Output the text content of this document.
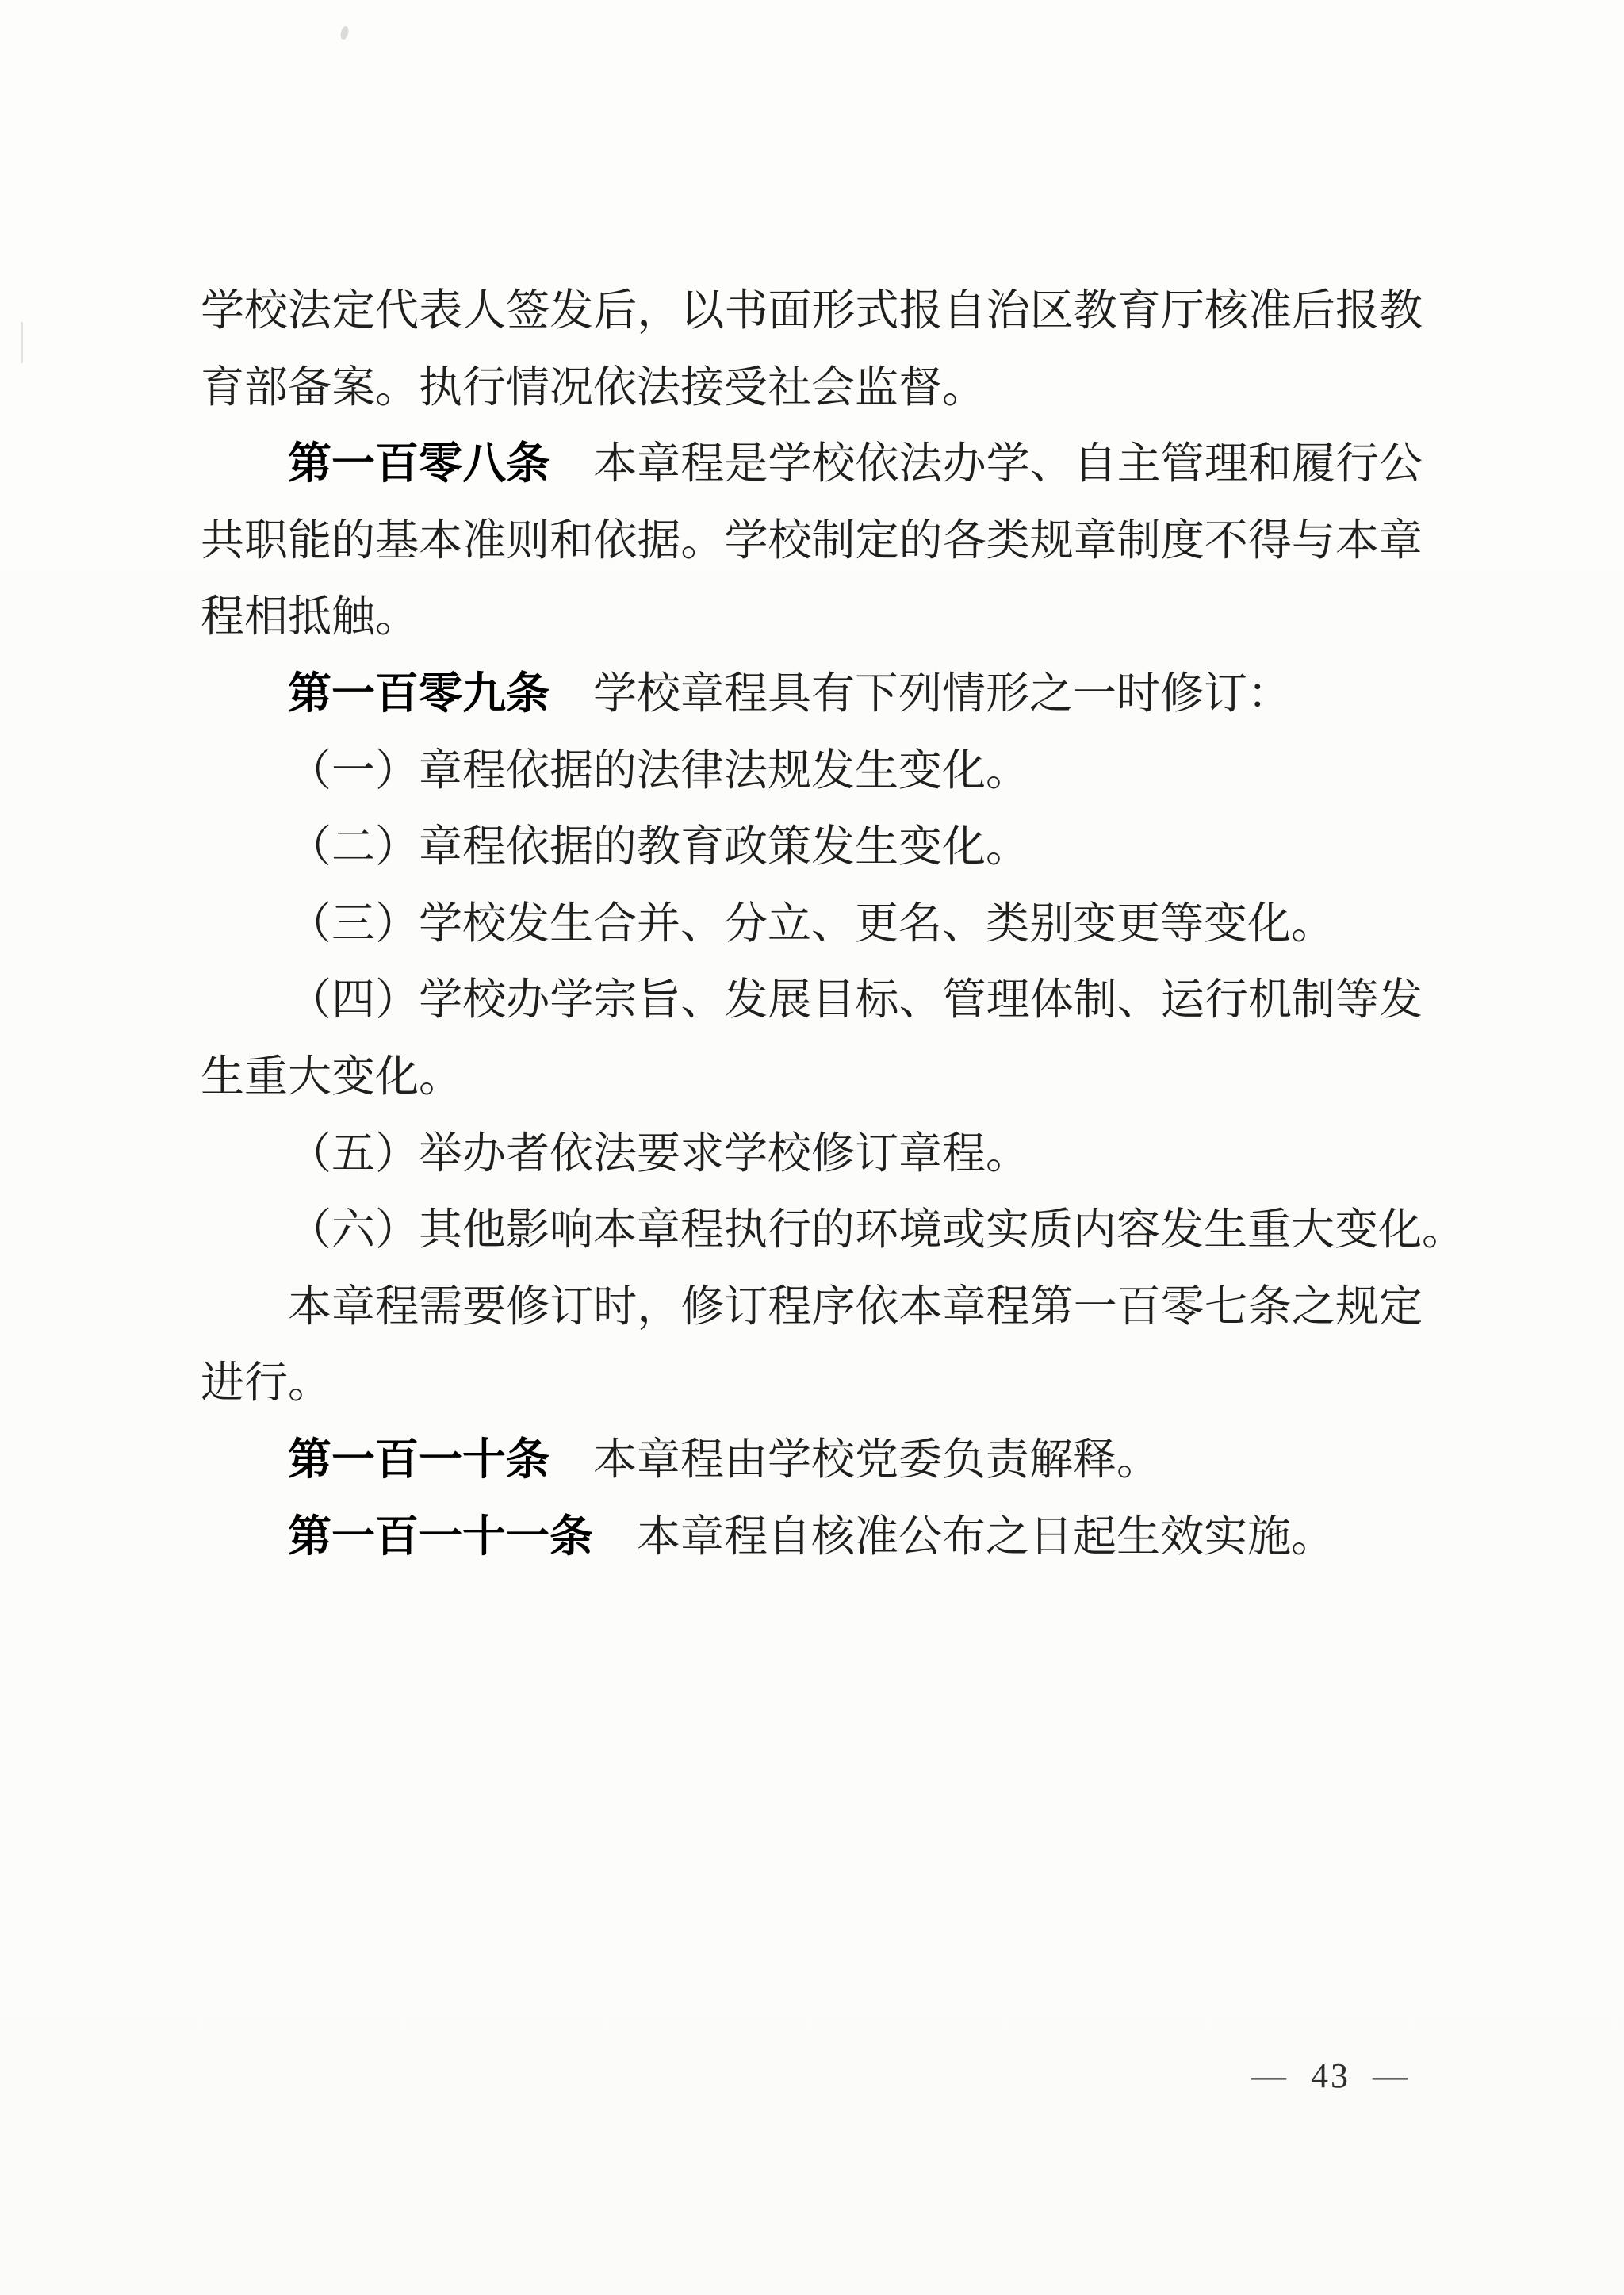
学校法定代表人签发后，以书面形式报自治区教育厅核准后报教
育部备案。执行情况依法接受社会监督。
第一百零八条 本章程是学校依法办学、自主管理和履行公
共职能的基本准则和依据。学校制定的各类规章制度不得与本章
程相抵触。
第一百零九条 学校章程具有下列情形之一时修订：
（一）章程依据的法律法规发生变化。
（二）章程依据的教育政策发生变化。
（三）学校发生合并、分立、更名、类别变更等变化。
（四）学校办学宗旨、发展目标、管理体制、运行机制等发
生重大变化。
（五）举办者依法要求学校修订章程。
（六）其他影响本章程执行的环境或实质内容发生重大变化。
本章程需要修订时，修订程序依本章程第一百零七条之规定
进行。
第一百一十条 本章程由学校党委负责解释。
第一百一十一条 本章程自核准公布之日起生效实施。
— 43 —
